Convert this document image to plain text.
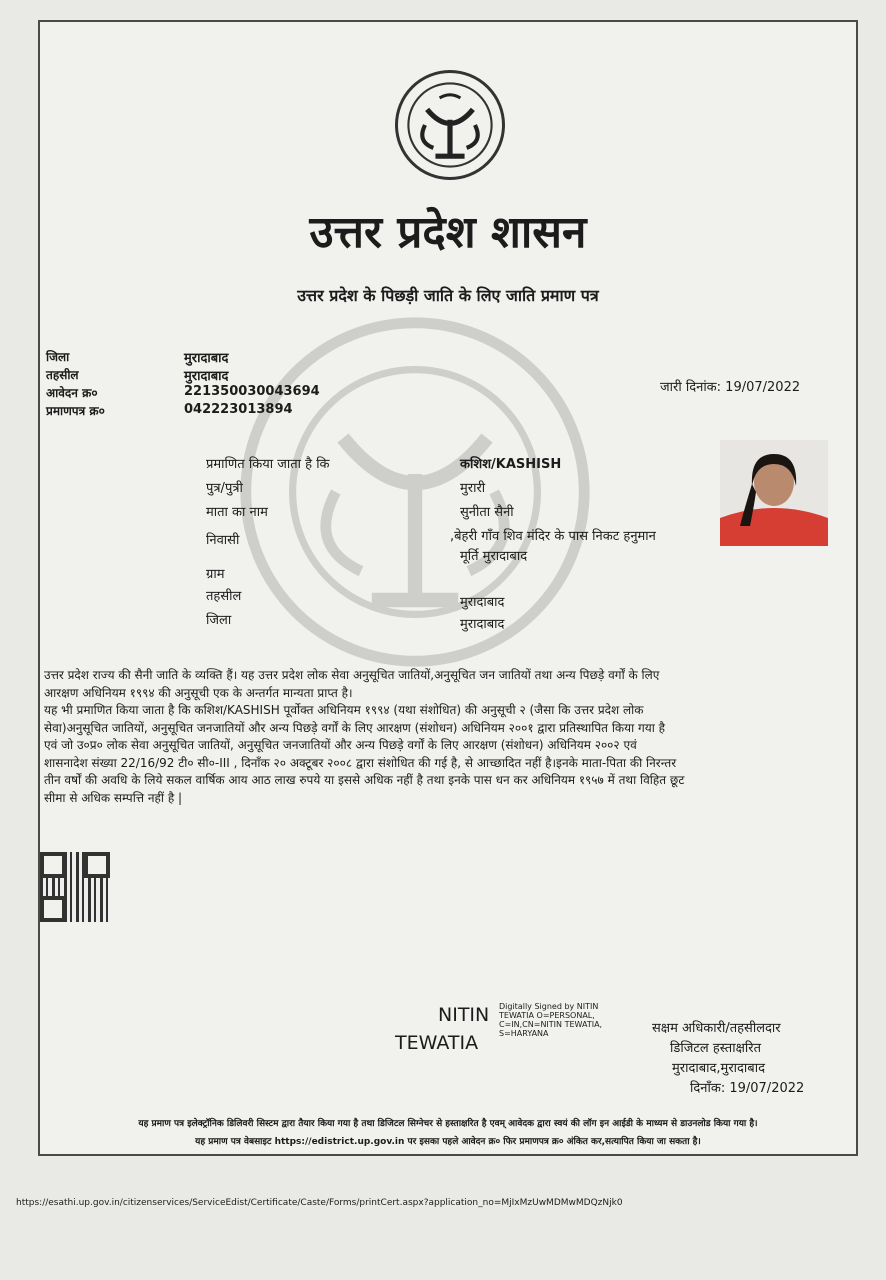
उत्तर प्रदेश शासन
उत्तर प्रदेश के पिछड़ी जाति के लिए जाति प्रमाण पत्र
जिला	मुरादाबाद
तहसील	मुरादाबाद
आवेदन क्र०	221350030043694
प्रमाणपत्र क्र०	042223013894
जारी दिनांक: 19/07/2022
प्रमाणित किया जाता है कि	कशिश/KASHISH
पुत्र/पुत्री	मुरारी
माता का नाम	सुनीता सैनी
निवासी	,बेहरी गाँव शिव मंदिर के पास निकट हनुमान
मूर्ति मुरादाबाद
ग्राम
तहसील	मुरादाबाद
जिला	मुरादाबाद

उत्तर प्रदेश राज्य की सैनी जाति के व्यक्ति हैं। यह उत्तर प्रदेश लोक सेवा अनुसूचित जातियों,अनुसूचित जन जातियों तथा अन्य पिछड़े वर्गों के लिए

आरक्षण अधिनियम १९९४ की अनुसूची एक के अन्तर्गत मान्यता प्राप्त है।

यह भी प्रमाणित किया जाता है कि कशिश/KASHISH पूर्वोक्त अधिनियम १९९४ (यथा संशोधित) की अनुसूची २ (जैसा कि उत्तर प्रदेश लोक

सेवा)अनुसूचित जातियों, अनुसूचित जनजातियों और अन्य पिछड़े वर्गों के लिए आरक्षण (संशोधन) अधिनियम २००१ द्वारा प्रतिस्थापित किया गया है

एवं जो उ०प्र० लोक सेवा अनुसूचित जातियों, अनुसूचित जनजातियों और अन्य पिछड़े वर्गों के लिए आरक्षण (संशोधन) अधिनियम २००२ एवं

शासनादेश संख्या 22/16/92 टी० सी०-III , दिनाँक २० अक्टूबर २००८ द्वारा संशोधित की गई है, से आच्छादित नहीं है।इनके माता-पिता की निरन्तर

तीन वर्षों की अवधि के लिये सकल वार्षिक आय आठ लाख रुपये या इससे अधिक नहीं है तथा इनके पास धन कर अधिनियम १९५७ में तथा विहित छूट

सीमा से अधिक सम्पत्ति नहीं है |

NITIN
TEWATIA
Digitally Signed by NITIN
TEWATIA O=PERSONAL,
C=IN,CN=NITIN TEWATIA,
S=HARYANA	सक्षम अधिकारी/तहसीलदार
डिजिटल हस्ताक्षरित
मुरादाबाद,मुरादाबाद
दिनाँक: 19/07/2022
यह प्रमाण पत्र इलेक्ट्रॉनिक डिलिवरी सिस्टम द्वारा तैयार किया गया है तथा डिजिटल सिग्नेचर से हस्ताक्षरित है एवम् आवेदक द्वारा स्वयं की लॉग इन आईडी के माध्यम से डाउनलोड किया गया है।
यह प्रमाण पत्र वेबसाइट https://edistrict.up.gov.in पर इसका पहले आवेदन क्र० फिर प्रमाणपत्र क्र० अंकित कर,सत्यापित किया जा सकता है।
https://esathi.up.gov.in/citizenservices/ServiceEdist/Certificate/Caste/Forms/printCert.aspx?application_no=MjIxMzUwMDMwMDQzNjk0
